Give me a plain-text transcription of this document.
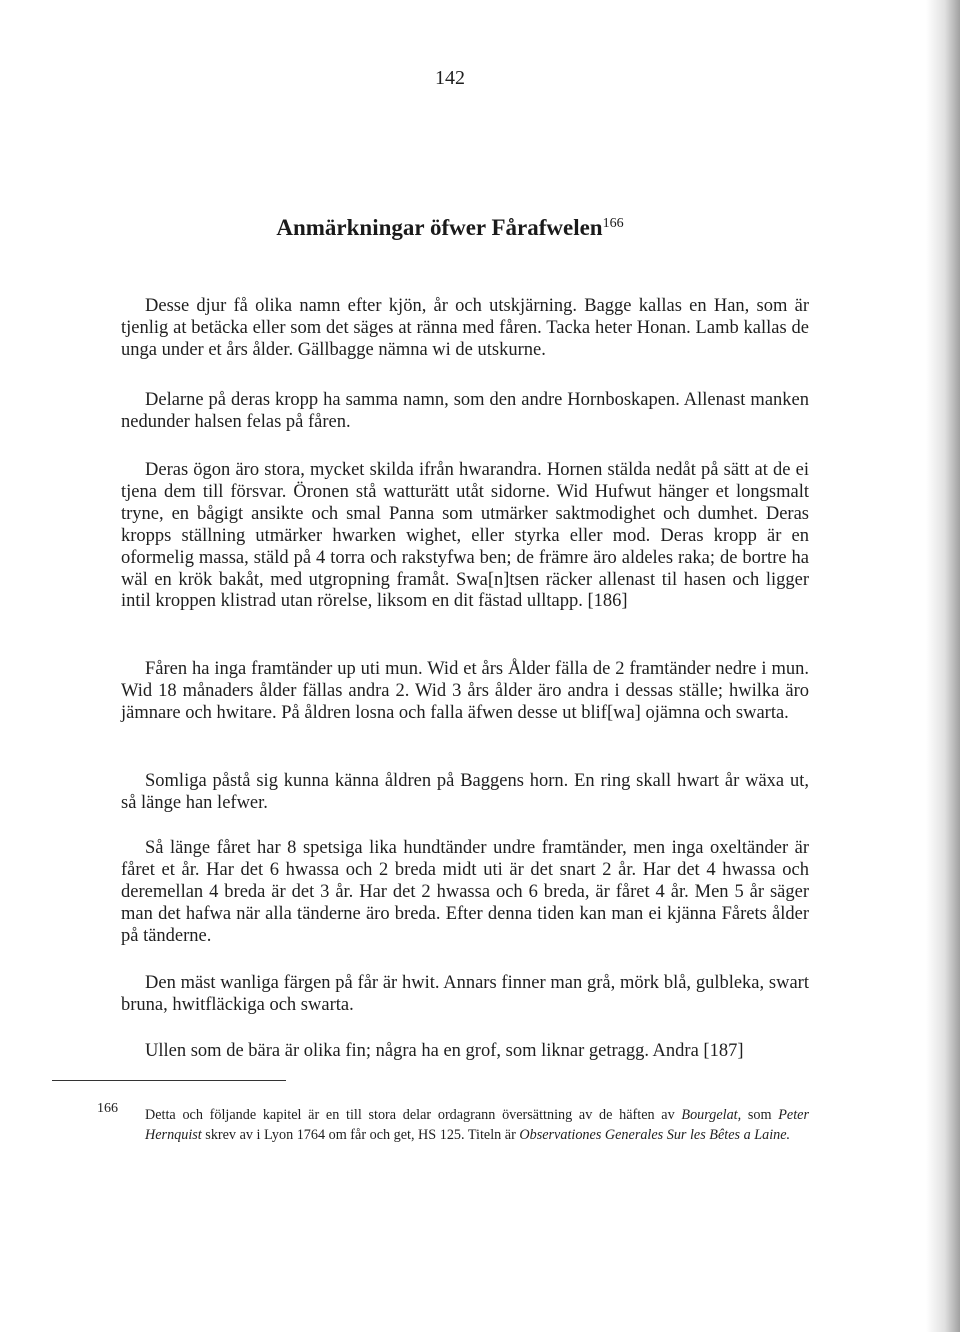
142
Anmärkningar öfwer Fårafwelen$^{166}$

Desse djur få olika namn efter kjön, år och utskjärning. Bagge kallas en Han, som är tjenlig at betäcka eller som det säges at ränna med fåren. Tacka heter Honan. Lamb kallas de unga under et års ålder. Gällbagge nämna wi de utskurne.

Delarne på deras kropp ha samma namn, som den andre Hornboskapen. Allenast manken nedunder halsen felas på fåren.

Deras ögon äro stora, mycket skilda ifrån hwarandra. Hornen stälda nedåt på sätt at de ei tjena dem till försvar. Öronen stå watturätt utåt sidorne. Wid Hufwut hänger et longsmalt tryne, en bågigt ansikte och smal Panna som utmärker saktmodighet och dumhet. Deras kropps ställning utmärker hwarken wighet, eller styrka eller mod. Deras kropp är en oformelig massa, stäld på 4 torra och rakstyfwa ben; de främre äro aldeles raka; de bortre ha wäl en krök bakåt, med utgropning framåt. Swa[n]tsen räcker allenast til hasen och ligger intil kroppen klistrad utan rörelse, liksom en dit fästad ulltapp. [186]

Fåren ha inga framtänder up uti mun. Wid et års Ålder fälla de 2 framtänder nedre i mun. Wid 18 månaders ålder fällas andra 2. Wid 3 års ålder äro andra i dessas ställe; hwilka äro jämnare och hwitare. På åldren losna och falla äfwen desse ut blif[wa] ojämna och swarta.

Somliga påstå sig kunna känna åldren på Baggens horn. En ring skall hwart år wäxa ut, så länge han lefwer.

Så länge fåret har 8 spetsiga lika hundtänder undre framtänder, men inga oxeltänder är fåret et år. Har det 6 hwassa och 2 breda midt uti är det snart 2 år. Har det 4 hwassa och deremellan 4 breda är det 3 år. Har det 2 hwassa och 6 breda, är fåret 4 år. Men 5 år säger man det hafwa när alla tänderne äro breda. Efter denna tiden kan man ei kjänna Fårets ålder på tänderne.

Den mäst wanliga färgen på får är hwit. Annars finner man grå, mörk blå, gulbleka, swart bruna, hwitfläckiga och swarta.

Ullen som de bära är olika fin; några ha en grof, som liknar getragg. Andra [187]

166 Detta och följande kapitel är en till stora delar ordagrann översättning av de häften av Bourgelat, som Peter Hernquist skrev av i Lyon 1764 om får och get, HS 125. Titeln är Observationes Generales Sur les Bêtes a Laine.
